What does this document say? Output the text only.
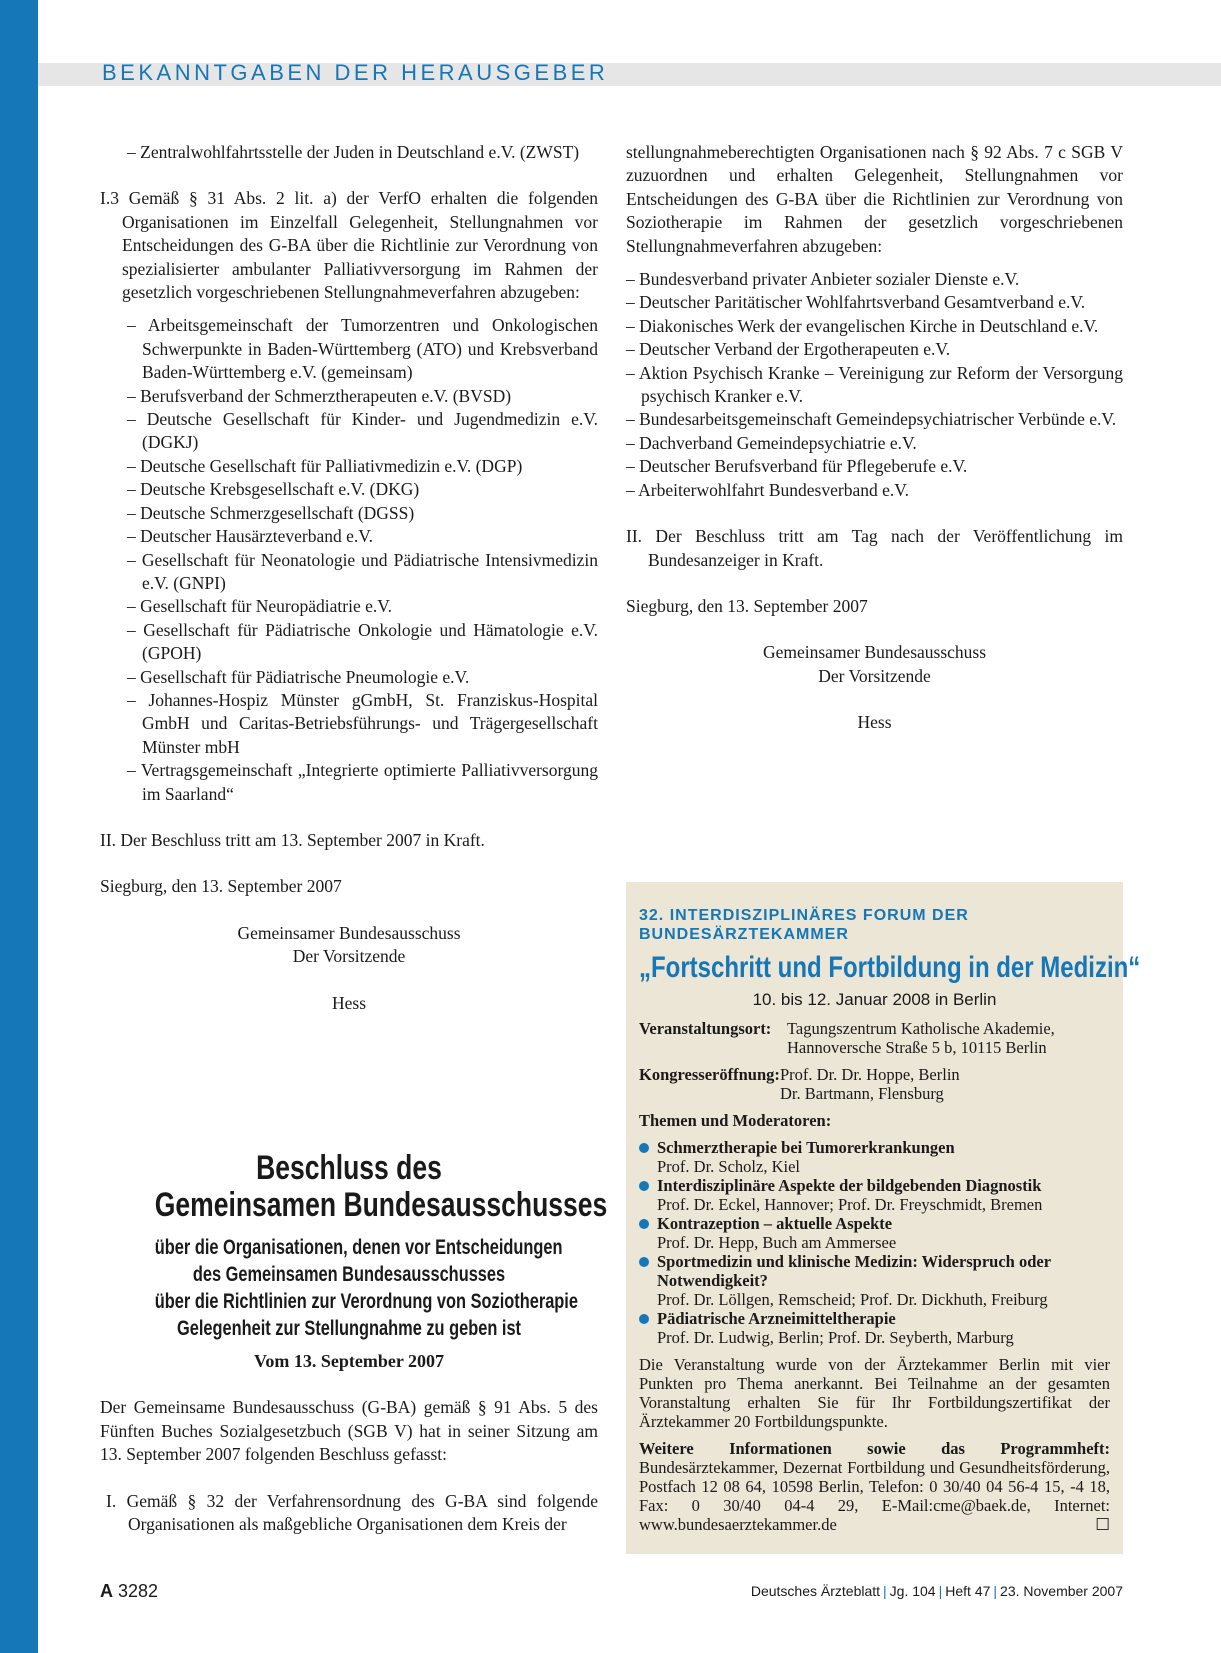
BEKANNTGABEN DER HERAUSGEBER

– Zentralwohlfahrtsstelle der Juden in Deutschland e.V. (ZWST)

I.3 Gemäß § 31 Abs. 2 lit. a) der VerfO erhalten die folgenden Organisationen im Einzelfall Gelegenheit, Stellungnahmen vor Entscheidungen des G-BA über die Richtlinie zur Verordnung von spezialisierter ambulanter Palliativversorgung im Rahmen der gesetzlich vorgeschriebenen Stellungnahmeverfahren abzugeben:

– Arbeitsgemeinschaft der Tumorzentren und Onkologischen Schwerpunkte in Baden-Württemberg (ATO) und Krebsverband Baden-Württemberg e.V. (gemeinsam)

– Berufsverband der Schmerztherapeuten e.V. (BVSD)

– Deutsche Gesellschaft für Kinder- und Jugendmedizin e.V. (DGKJ)

– Deutsche Gesellschaft für Palliativmedizin e.V. (DGP)

– Deutsche Krebsgesellschaft e.V. (DKG)

– Deutsche Schmerzgesellschaft (DGSS)

– Deutscher Hausärzteverband e.V.

– Gesellschaft für Neonatologie und Pädiatrische Intensivmedizin e.V. (GNPI)

– Gesellschaft für Neuropädiatrie e.V.

– Gesellschaft für Pädiatrische Onkologie und Hämatologie e.V. (GPOH)

– Gesellschaft für Pädiatrische Pneumologie e.V.

– Johannes-Hospiz Münster gGmbH, St. Franziskus-Hospital GmbH und Caritas-Betriebsführungs- und Trägergesellschaft Münster mbH

– Vertragsgemeinschaft „Integrierte optimierte Palliativversorgung im Saarland“

II. Der Beschluss tritt am 13. September 2007 in Kraft.

Siegburg, den 13. September 2007

Gemeinsamer Bundesausschuss

Der Vorsitzende

Hess

Beschluss des
Gemeinsamen Bundesausschusses
über die Organisationen, denen vor Entscheidungen
des Gemeinsamen Bundesausschusses
über die Richtlinien zur Verordnung von Soziotherapie
Gelegenheit zur Stellungnahme zu geben ist

Vom 13. September 2007

Der Gemeinsame Bundesausschuss (G-BA) gemäß § 91 Abs. 5 des Fünften Buches Sozialgesetzbuch (SGB V) hat in seiner Sitzung am 13. September 2007 folgenden Beschluss gefasst:

I. Gemäß § 32 der Verfahrensordnung des G-BA sind folgende Organisationen als maßgebliche Organisationen dem Kreis der

stellungnahmeberechtigten Organisationen nach § 92 Abs. 7 c SGB V zuzuordnen und erhalten Gelegenheit, Stellungnahmen vor Entscheidungen des G-BA über die Richtlinien zur Verordnung von Soziotherapie im Rahmen der gesetzlich vorgeschriebenen Stellungnahmeverfahren abzugeben:

– Bundesverband privater Anbieter sozialer Dienste e.V.

– Deutscher Paritätischer Wohlfahrtsverband Gesamtverband e.V.

– Diakonisches Werk der evangelischen Kirche in Deutschland e.V.

– Deutscher Verband der Ergotherapeuten e.V.

– Aktion Psychisch Kranke – Vereinigung zur Reform der Versorgung psychisch Kranker e.V.

– Bundesarbeitsgemeinschaft Gemeindepsychiatrischer Verbünde e.V.

– Dachverband Gemeindepsychiatrie e.V.

– Deutscher Berufsverband für Pflegeberufe e.V.

– Arbeiterwohlfahrt Bundesverband e.V.

II. Der Beschluss tritt am Tag nach der Veröffentlichung im Bundesanzeiger in Kraft.

Siegburg, den 13. September 2007

Gemeinsamer Bundesausschuss

Der Vorsitzende

Hess

32. INTERDISZIPLINÄRES FORUM DER BUNDESÄRZTEKAMMER
„Fortschritt und Fortbildung in der Medizin“
10. bis 12. Januar 2008 in Berlin
Veranstaltungsort: Tagungszentrum Katholische Akademie,
Hannoversche Straße 5 b, 10115 Berlin
Kongresseröffnung: Prof. Dr. Dr. Hoppe, Berlin
Dr. Bartmann, Flensburg
Themen und Moderatoren:
Schmerztherapie bei Tumorerkrankungen
Prof. Dr. Scholz, Kiel
Interdisziplinäre Aspekte der bildgebenden Diagnostik
Prof. Dr. Eckel, Hannover; Prof. Dr. Freyschmidt, Bremen
Kontrazeption – aktuelle Aspekte
Prof. Dr. Hepp, Buch am Ammersee
Sportmedizin und klinische Medizin: Widerspruch oder Notwendigkeit?
Prof. Dr. Löllgen, Remscheid; Prof. Dr. Dickhuth, Freiburg
Pädiatrische Arzneimitteltherapie
Prof. Dr. Ludwig, Berlin; Prof. Dr. Seyberth, Marburg

Die Veranstaltung wurde von der Ärztekammer Berlin mit vier Punkten pro Thema anerkannt. Bei Teilnahme an der gesamten Voranstaltung erhalten Sie für Ihr Fortbildungszertifikat der Ärztekammer 20 Fortbildungspunkte.

Weitere Informationen sowie das Programmheft: Bundesärztekammer, Dezernat Fortbildung und Gesundheitsförderung, Postfach 12 08 64, 10598 Berlin, Telefon: 0 30/40 04 56-4 15, -4 18, Fax: 0 30/40 04-4 29, E-Mail:cme@baek.de, Internet: www.bundesaerztekammer.de	☐

A 3282	Deutsches Ärzteblatt | Jg. 104 | Heft 47 | 23. November 2007
